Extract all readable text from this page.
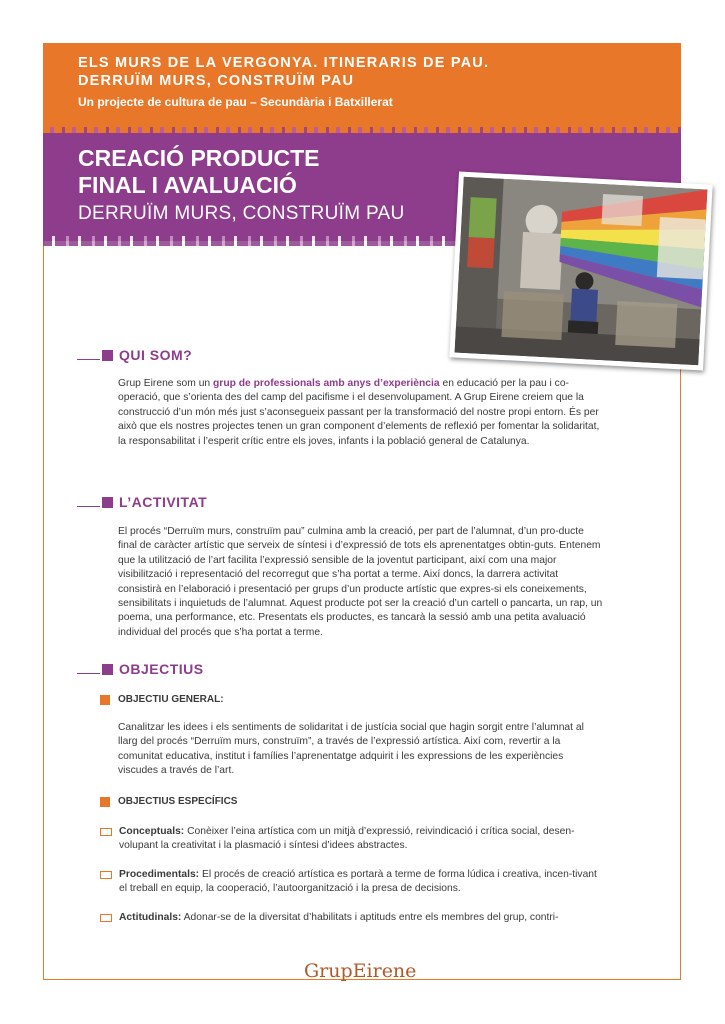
ELS MURS DE LA VERGONYA. ITINERARIS DE PAU.
DERRUÏM MURS, CONSTRUÏM PAU
Un projecte de cultura de pau – Secundària i Batxillerat
CREACIÓ PRODUCTE
FINAL I AVALUACIÓ
DERRUÏM MURS, CONSTRUÏM PAU
QUI SOM?
Grup Eirene som un grup de professionals amb anys d’experiència en educació per la pau i co-operació, que s’orienta des del camp del pacifisme i el desenvolupament. A Grup Eirene creiem que la construcció d’un món més just s’aconsegueix passant per la transformació del nostre propi entorn. És per això que els nostres projectes tenen un gran component d’elements de reflexió per fomentar la solidaritat, la responsabilitat i l’esperit crític entre els joves, infants i la població general de Catalunya.
L’ACTIVITAT
El procés “Derruïm murs, construïm pau” culmina amb la creació, per part de l’alumnat, d’un pro-ducte final de caràcter artístic que serveix de síntesi i d’expressió de tots els aprenentatges obtin-guts. Entenem que la utilització de l’art facilita l’expressió sensible de la joventut participant, així com una major visibilització i representació del recorregut que s’ha portat a terme. Així doncs, la darrera activitat consistirà en l’elaboració i presentació per grups d’un producte artístic que expres-si els coneixements, sensibilitats i inquietuds de l’alumnat. Aquest producte pot ser la creació d’un cartell o pancarta, un rap, un poema, una performance, etc. Presentats els productes, es tancarà la sessió amb una petita avaluació individual del procés que s’ha portat a terme.
OBJECTIUS
OBJECTIU GENERAL:
Canalitzar les idees i els sentiments de solidaritat i de justícia social que hagin sorgit entre l’alumnat al llarg del procés “Derruïm murs, construïm”, a través de l’expressió artística. Així com, revertir a la comunitat educativa, institut i famílies l’aprenentatge adquirit i les expressions de les experiències viscudes a través de l’art.
OBJECTIUS ESPECÍFICS
Conceptuals: Conèixer l’eina artística com un mitjà d’expressió, reivindicació i crítica social, desen-volupant la creativitat i la plasmació i síntesi d’idees abstractes.
Procedimentals: El procés de creació artística es portarà a terme de forma lúdica i creativa, incen-tivant el treball en equip, la cooperació, l’autoorganització i la presa de decisions.
Actitudinals: Adonar-se de la diversitat d’habilitats i aptituds entre els membres del grup, contri-
GrupEirene
